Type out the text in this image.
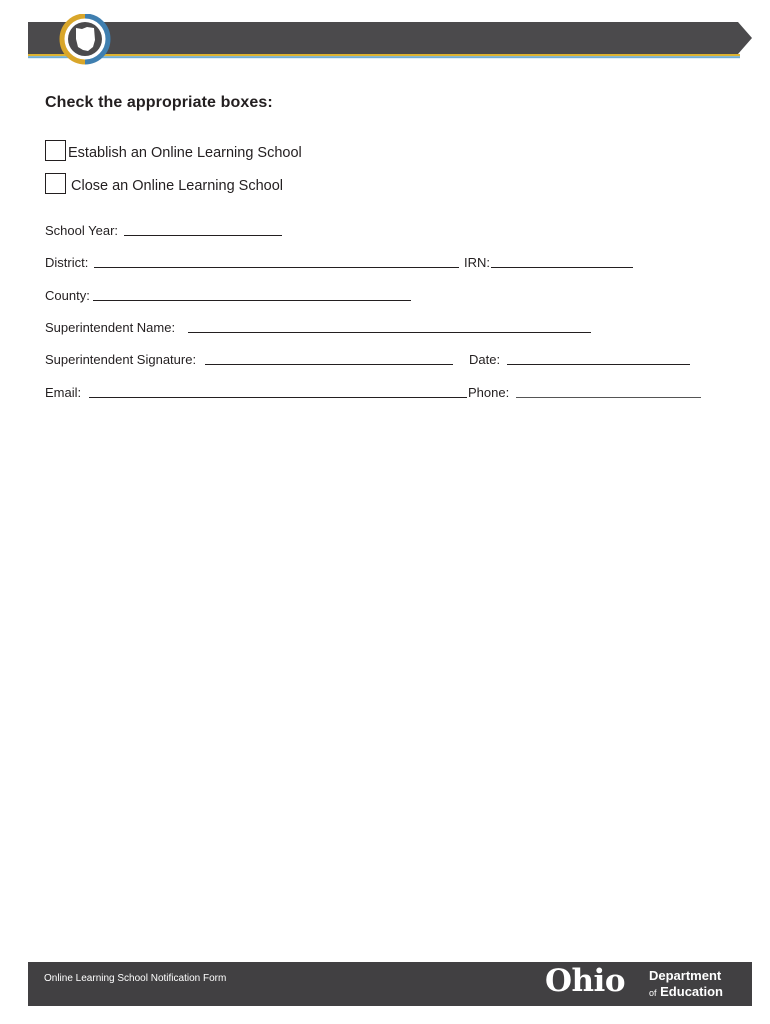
Check the appropriate boxes:
Establish an Online Learning School
Close an Online Learning School
School Year:
District:	IRN:
County:
Superintendent Name:
Superintendent Signature:	Date:
Email:	Phone:
Online Learning School Notification Form	Ohio Department
of Education
